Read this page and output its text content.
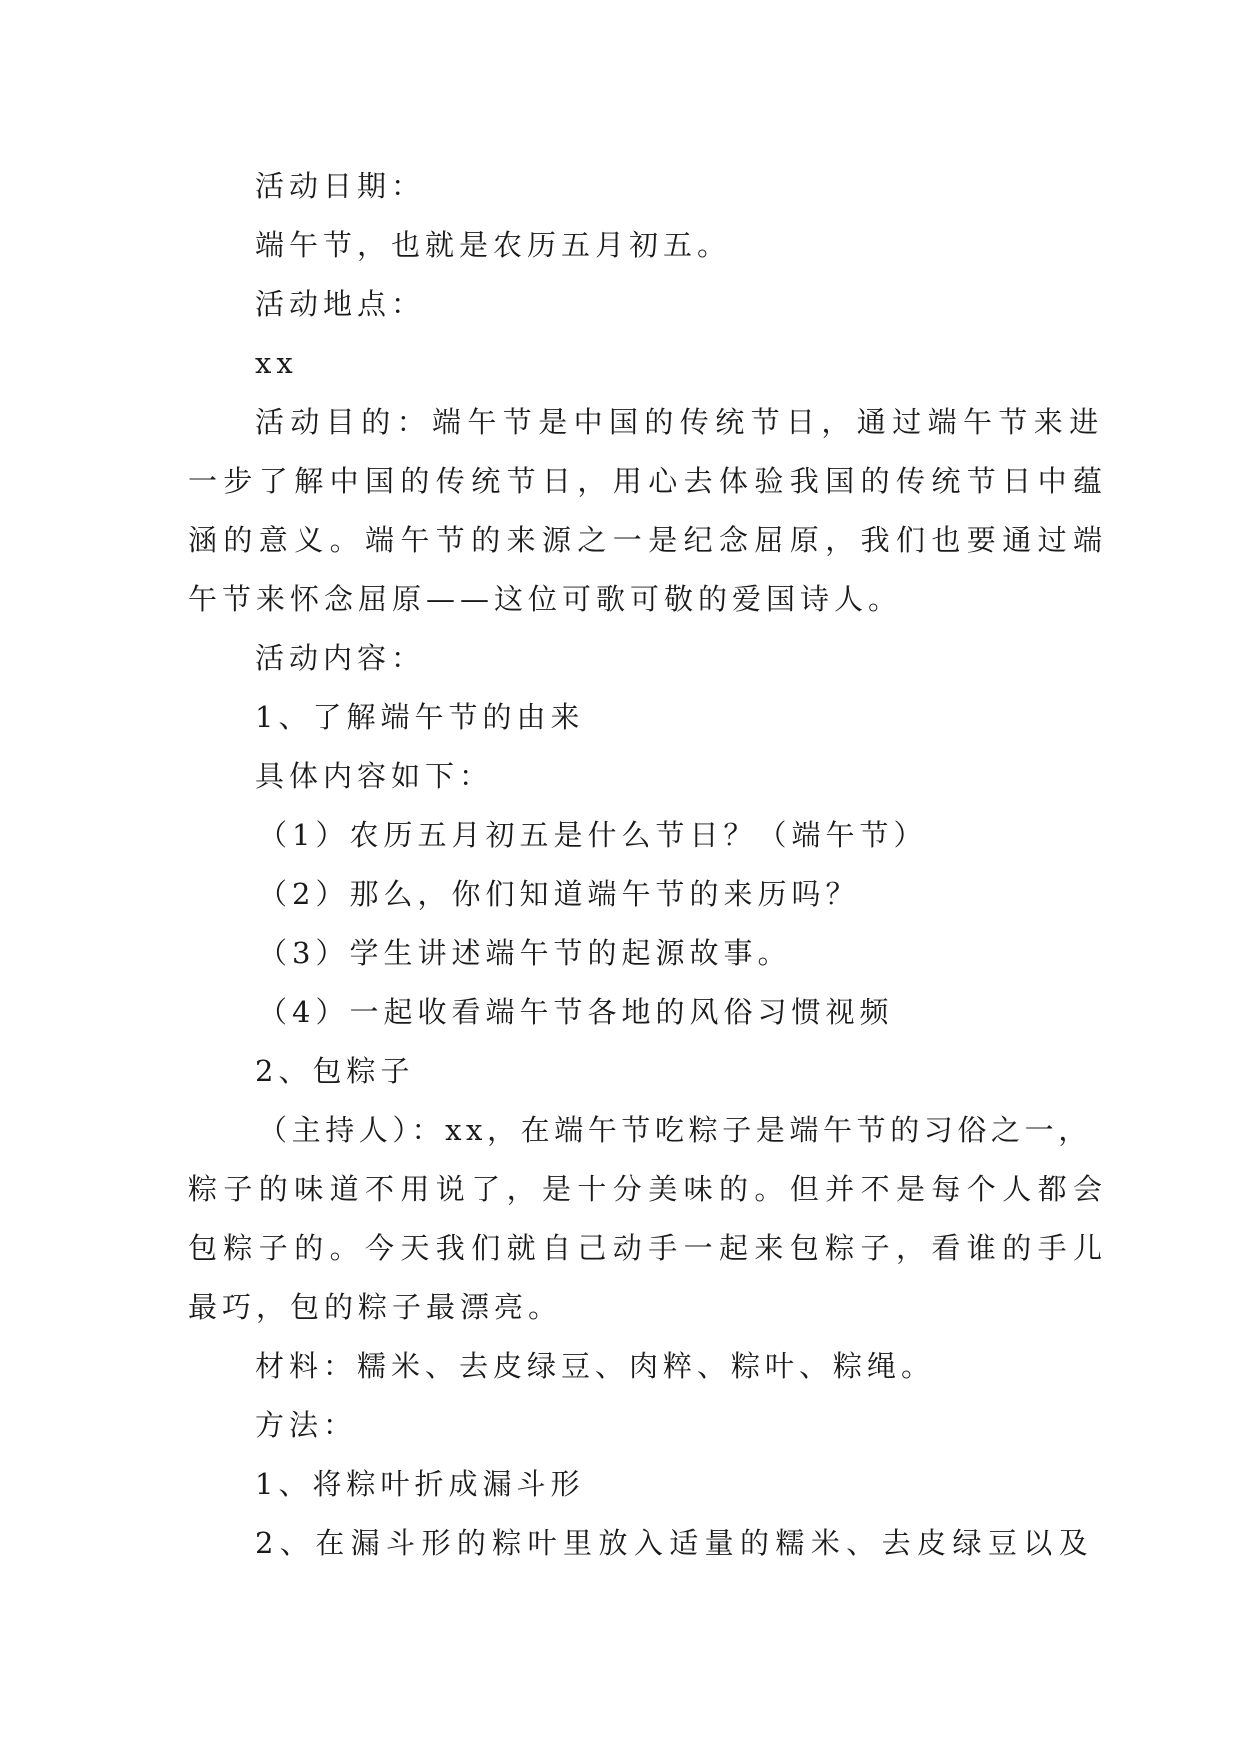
活动日期：
端午节，也就是农历五月初五。
活动地点：
xx
活动目的：端午节是中国的传统节日，通过端午节来进
一步了解中国的传统节日，用心去体验我国的传统节日中蕴
涵的意义。端午节的来源之一是纪念屈原，我们也要通过端
午节来怀念屈原——这位可歌可敬的爱国诗人。
活动内容：
1、了解端午节的由来
具体内容如下：
（1）农历五月初五是什么节日？（端午节）
（2）那么，你们知道端午节的来历吗？
（3）学生讲述端午节的起源故事。
（4）一起收看端午节各地的风俗习惯视频
2、包粽子
（主持人）：xx，在端午节吃粽子是端午节的习俗之一，
粽子的味道不用说了，是十分美味的。但并不是每个人都会
包粽子的。今天我们就自己动手一起来包粽子，看谁的手儿
最巧，包的粽子最漂亮。
材料：糯米、去皮绿豆、肉粹、粽叶、粽绳。
方法：
1、将粽叶折成漏斗形
2、在漏斗形的粽叶里放入适量的糯米、去皮绿豆以及
